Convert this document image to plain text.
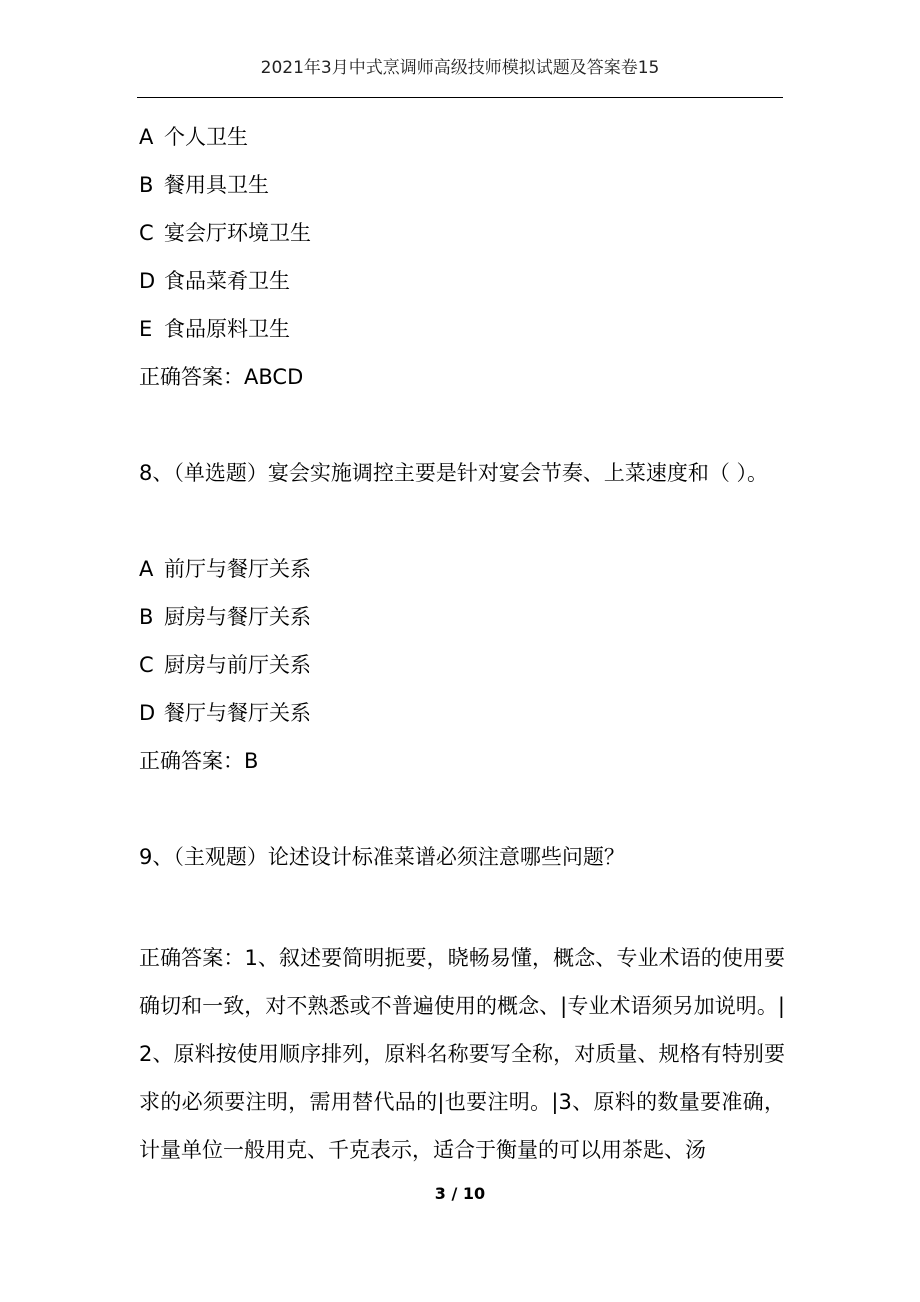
2021年3月中式烹调师高级技师模拟试题及答案卷15
A 个人卫生
B 餐用具卫生
C 宴会厅环境卫生
D 食品菜肴卫生
E 食品原料卫生
正确答案：ABCD
8、（单选题）宴会实施调控主要是针对宴会节奏、上菜速度和（ ）。
A 前厅与餐厅关系
B 厨房与餐厅关系
C 厨房与前厅关系
D 餐厅与餐厅关系
正确答案：B
9、（主观题）论述设计标准菜谱必须注意哪些问题？
正确答案：1、叙述要简明扼要，晓畅易懂，概念、专业术语的使用要确切和一致，对不熟悉或不普遍使用的概念、|专业术语须另加说明。|2、原料按使用顺序排列，原料名称要写全称，对质量、规格有特别要求的必须要注明，需用替代品的|也要注明。|3、原料的数量要准确，计量单位一般用克、千克表示，适合于衡量的可以用茶匙、汤
3 / 10
